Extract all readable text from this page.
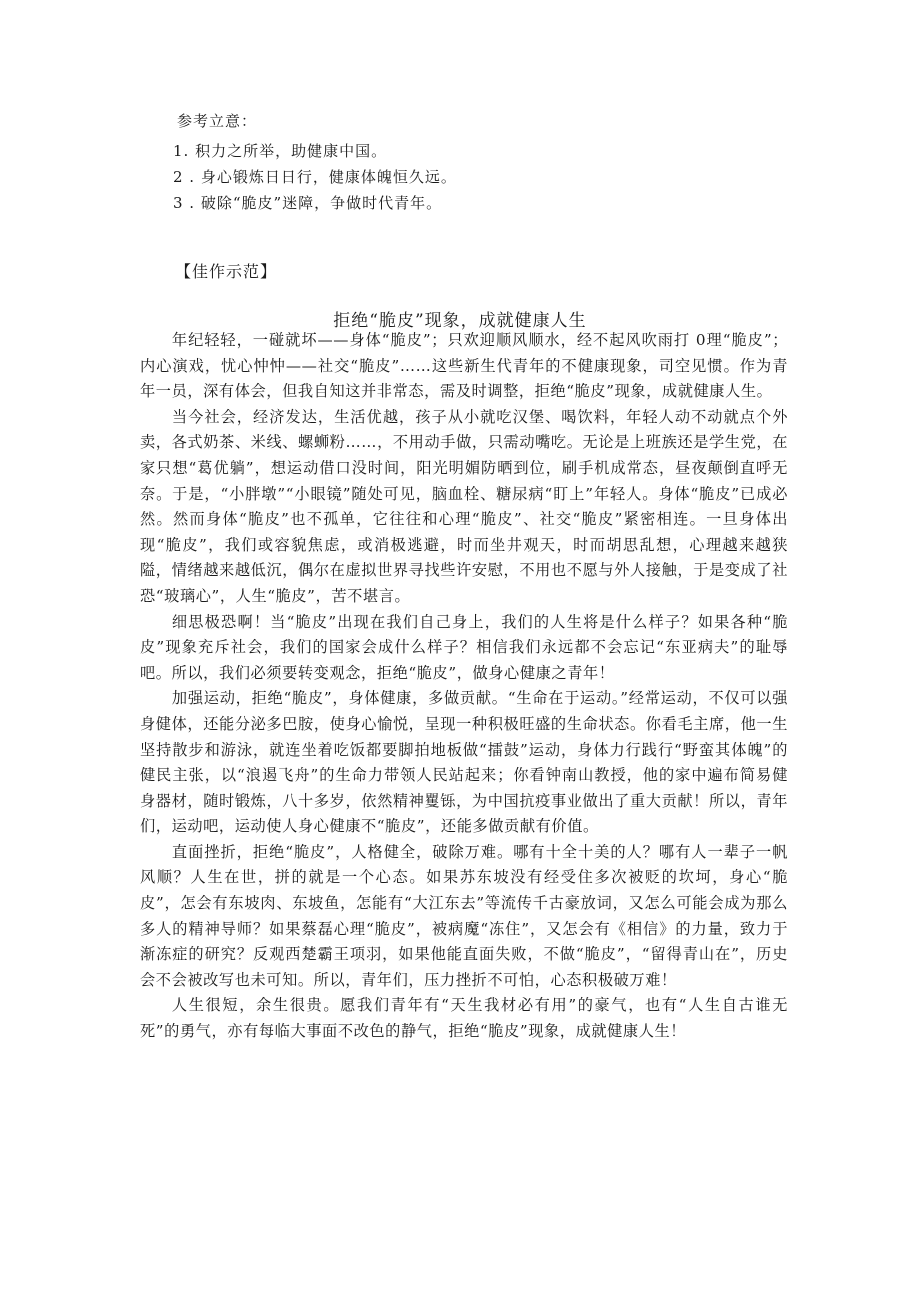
参考立意：
1. 积力之所举，助健康中国。
2 . 身心锻炼日日行，健康体魄恒久远。
3 . 破除“脆皮”迷障，争做时代青年。
【佳作示范】
拒绝“脆皮”现象，成就健康人生

年纪轻轻，一碰就坏——身体“脆皮”；只欢迎顺风顺水，经不起风吹雨打 0理“脆皮”；内心演戏，忧心忡忡——社交“脆皮”……这些新生代青年的不健康现象，司空见惯。作为青年一员，深有体会，但我自知这并非常态，需及时调整，拒绝“脆皮”现象，成就健康人生。

当今社会，经济发达，生活优越，孩子从小就吃汉堡、喝饮料，年轻人动不动就点个外卖，各式奶茶、米线、螺蛳粉……，不用动手做，只需动嘴吃。无论是上班族还是学生党，在家只想“葛优躺”，想运动借口没时间，阳光明媚防晒到位，刷手机成常态，昼夜颠倒直呼无奈。于是，“小胖墩”“小眼镜”随处可见，脑血栓、糖尿病“盯上”年轻人。身体“脆皮”已成必然。然而身体“脆皮”也不孤单，它往往和心理“脆皮”、社交“脆皮”紧密相连。一旦身体出现“脆皮”，我们或容貌焦虑，或消极逃避，时而坐井观天，时而胡思乱想，心理越来越狭隘，情绪越来越低沉，偶尔在虚拟世界寻找些许安慰，不用也不愿与外人接触，于是变成了社恐“玻璃心”，人生“脆皮”，苦不堪言。

细思极恐啊！当“脆皮”出现在我们自己身上，我们的人生将是什么样子？如果各种“脆皮”现象充斥社会，我们的国家会成什么样子？相信我们永远都不会忘记“东亚病夫”的耻辱吧。所以，我们必须要转变观念，拒绝“脆皮”，做身心健康之青年！

加强运动，拒绝“脆皮”，身体健康，多做贡献。“生命在于运动。”经常运动，不仅可以强身健体，还能分泌多巴胺，使身心愉悦，呈现一种积极旺盛的生命状态。你看毛主席，他一生坚持散步和游泳，就连坐着吃饭都要脚拍地板做“擂鼓”运动，身体力行践行“野蛮其体魄”的健民主张，以“浪遏飞舟”的生命力带领人民站起来；你看钟南山教授，他的家中遍布简易健身器材，随时锻炼，八十多岁，依然精神矍铄，为中国抗疫事业做出了重大贡献！所以，青年们，运动吧，运动使人身心健康不“脆皮”，还能多做贡献有价值。

直面挫折，拒绝“脆皮”，人格健全，破除万难。哪有十全十美的人？哪有人一辈子一帆风顺？人生在世，拼的就是一个心态。如果苏东坡没有经受住多次被贬的坎坷，身心“脆皮”，怎会有东坡肉、东坡鱼，怎能有“大江东去”等流传千古豪放词，又怎么可能会成为那么多人的精神导师？如果蔡磊心理“脆皮”，被病魔“冻住”，又怎会有《相信》的力量，致力于渐冻症的研究？反观西楚霸王项羽，如果他能直面失败，不做“脆皮”，“留得青山在”，历史会不会被改写也未可知。所以，青年们，压力挫折不可怕，心态积极破万难！

人生很短，余生很贵。愿我们青年有“天生我材必有用”的豪气，也有“人生自古谁无死”的勇气，亦有每临大事面不改色的静气，拒绝“脆皮”现象，成就健康人生！
